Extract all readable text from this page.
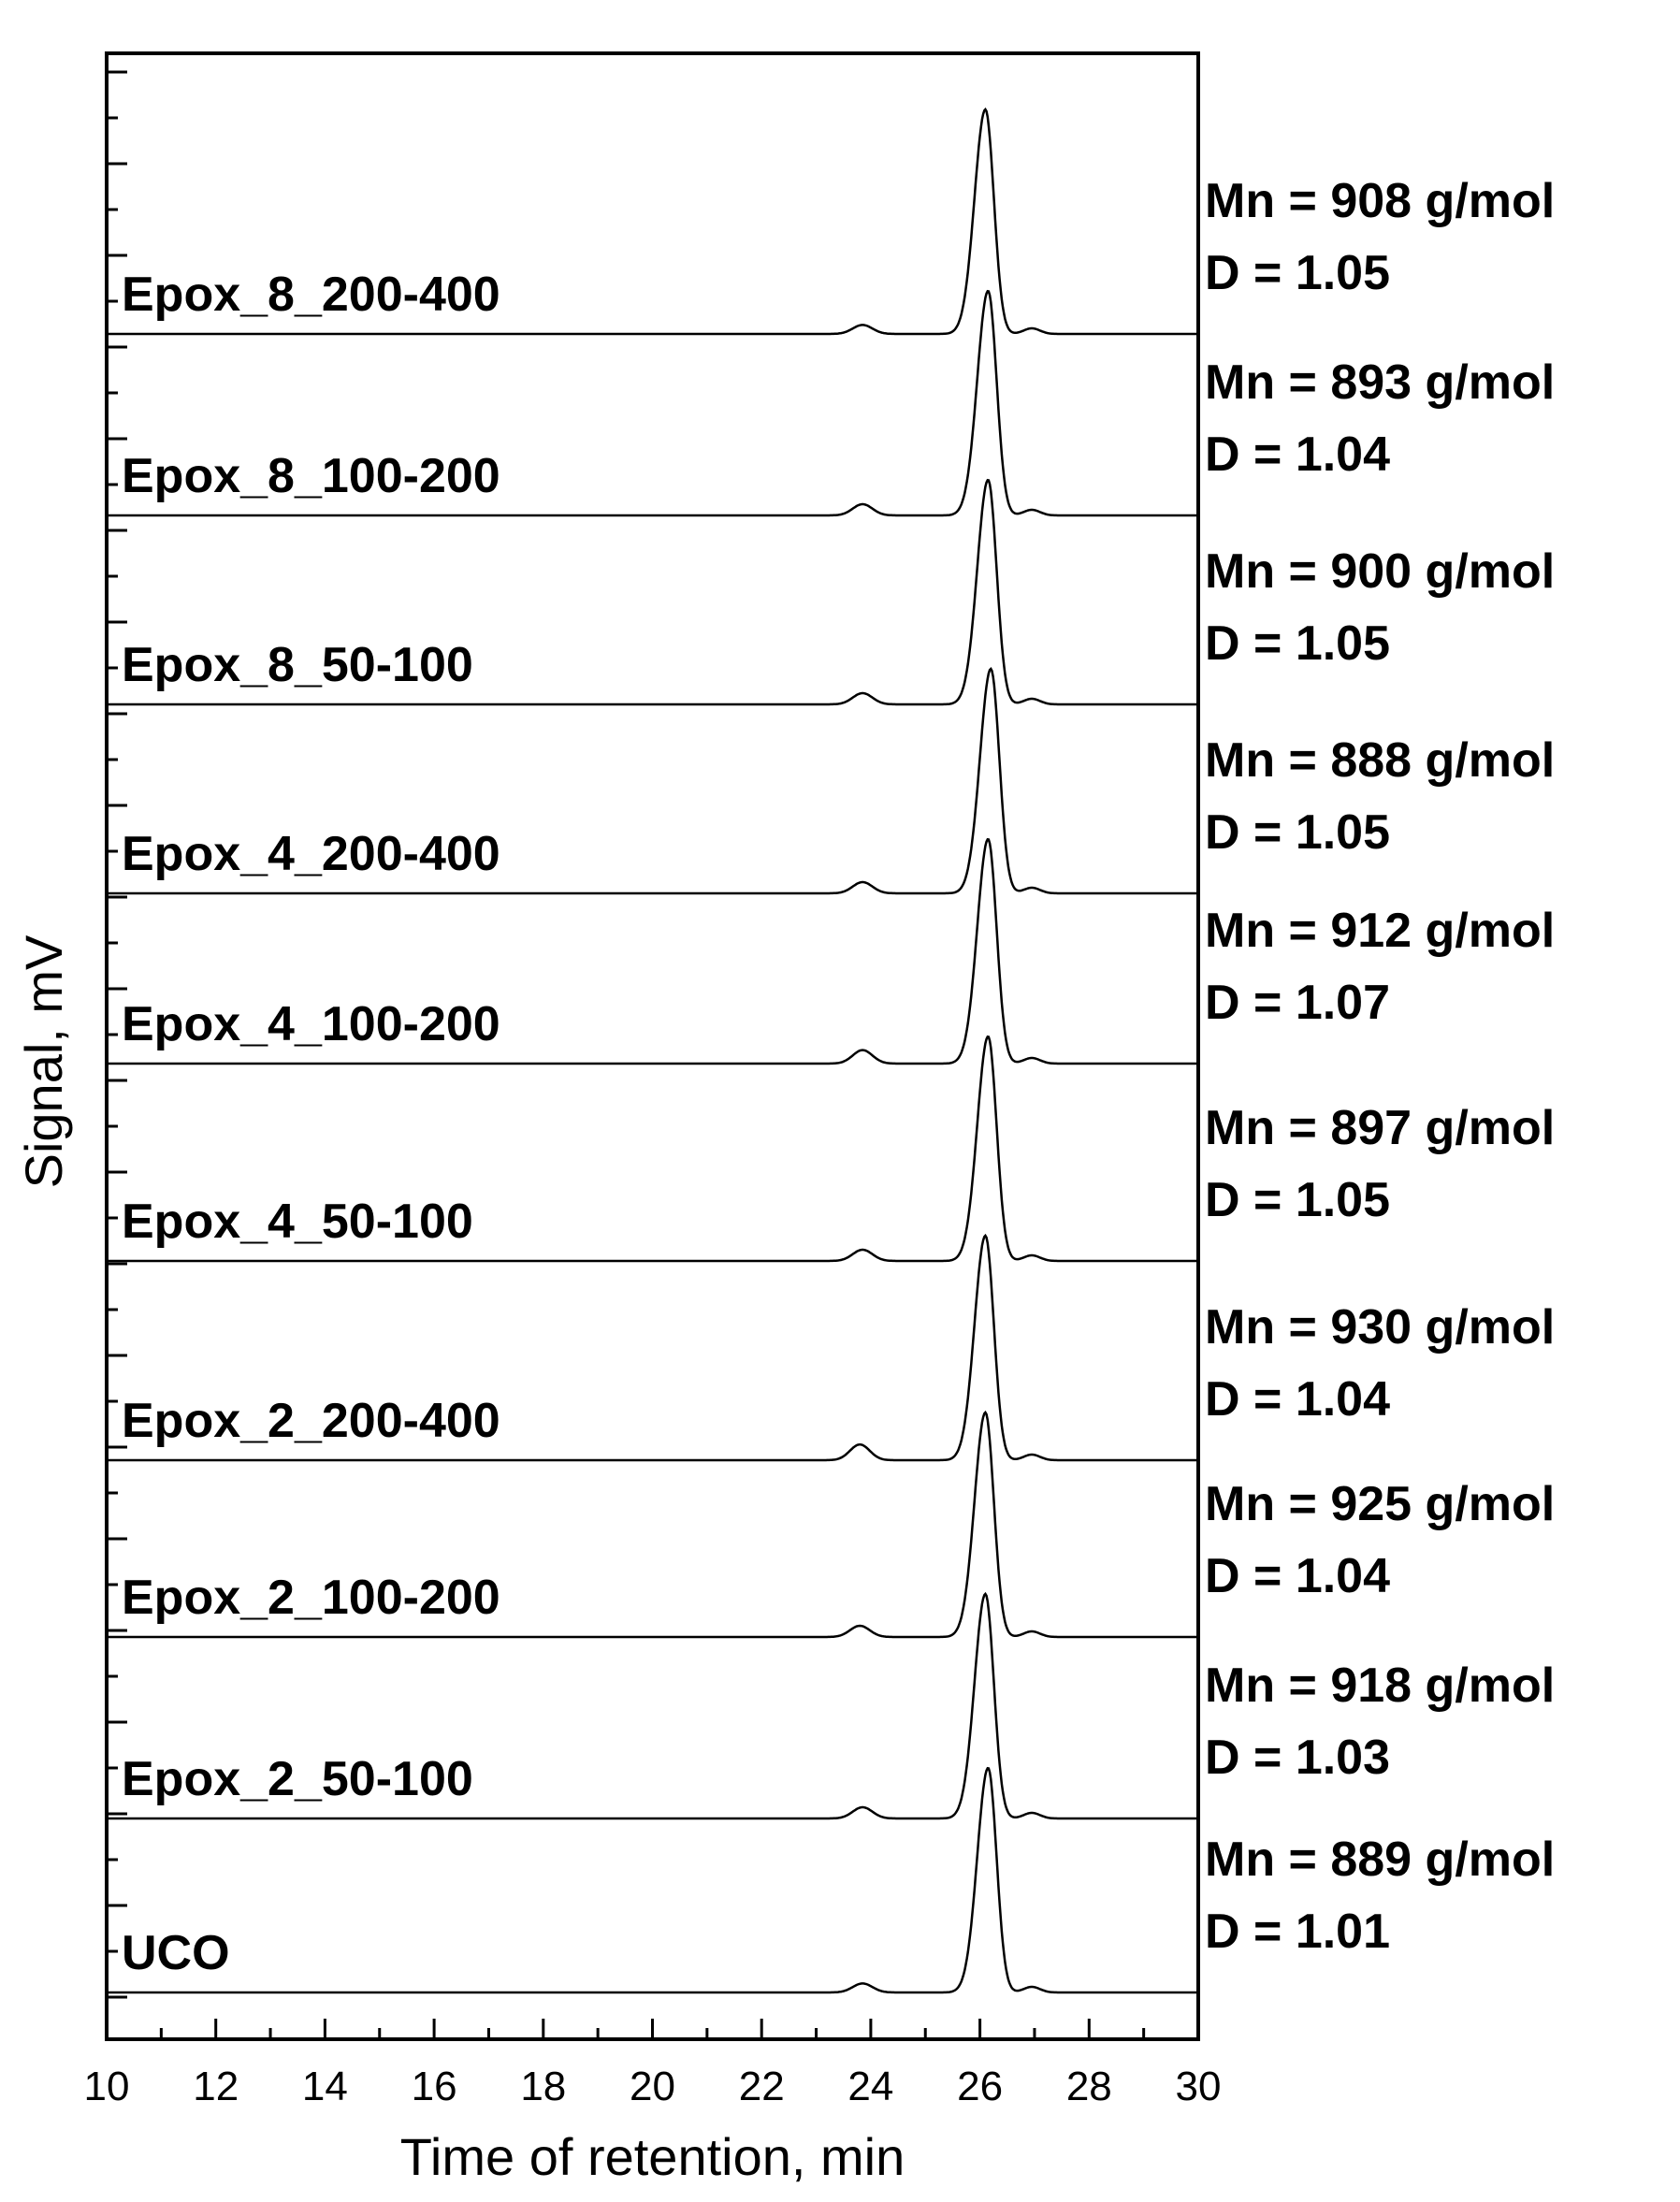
Epox_8_200-400
Epox_8_100-200
Epox_8_50-100
Epox_4_200-400
Epox_4_100-200
Epox_4_50-100
Epox_2_200-400
Epox_2_100-200
Epox_2_50-100
UCO
Mn = 908 g/mol
D = 1.05
Mn = 893 g/mol
D = 1.04
Mn = 900 g/mol
D = 1.05
Mn = 888 g/mol
D = 1.05
Mn = 912 g/mol
D = 1.07
Mn = 897 g/mol
D = 1.05
Mn = 930 g/mol
D = 1.04
Mn = 925 g/mol
D = 1.04
Mn = 918 g/mol
D = 1.03
Mn = 889 g/mol
D = 1.01
10 12 14 16 18 20 22 24 26 28 30
Time of retention, min
Signal, mV
